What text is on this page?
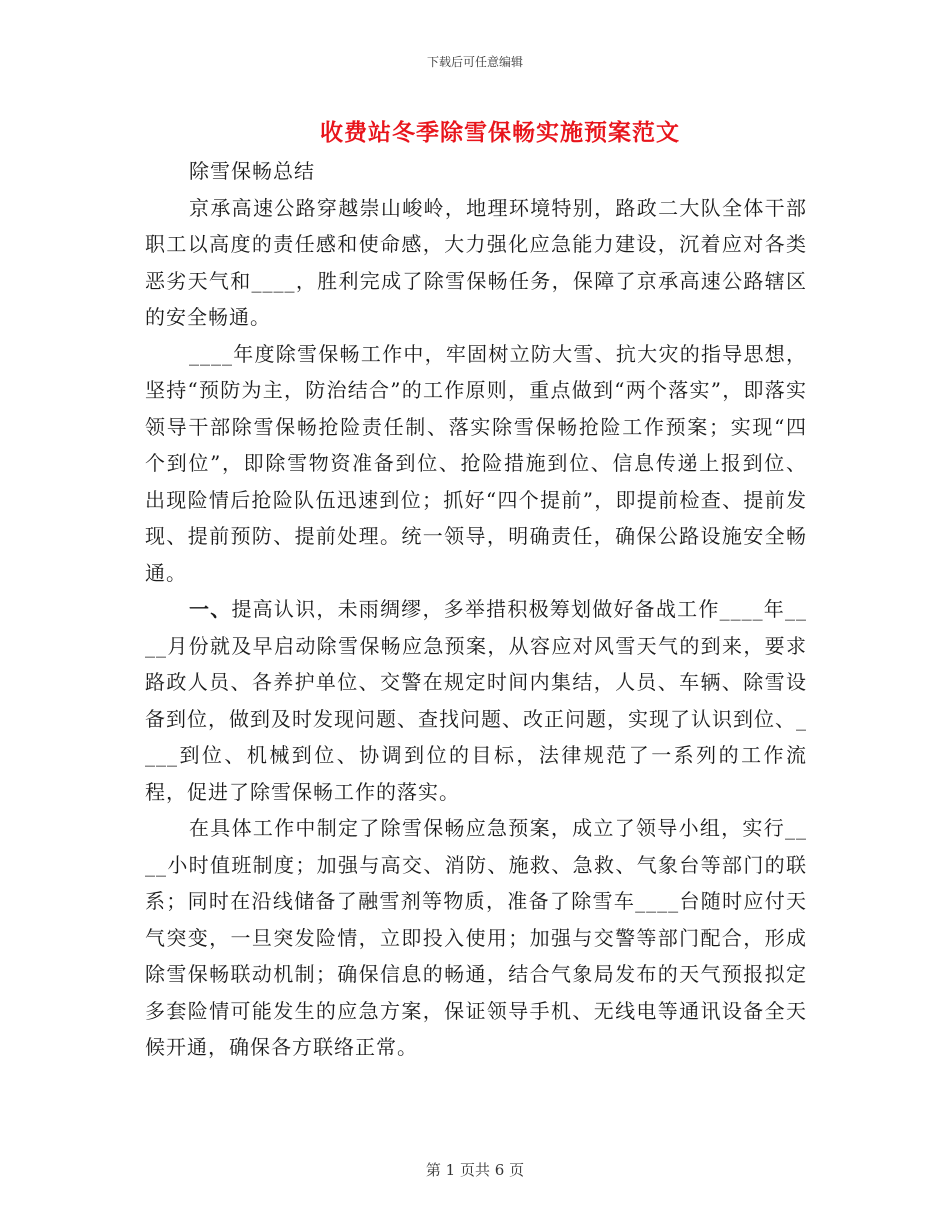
下载后可任意编辑
收费站冬季除雪保畅实施预案范文

除雪保畅总结

京承高速公路穿越崇山峻岭，地理环境特别，路政二大队全体干部职工以高度的责任感和使命感，大力强化应急能力建设，沉着应对各类恶劣天气和____，胜利完成了除雪保畅任务，保障了京承高速公路辖区的安全畅通。

____年度除雪保畅工作中，牢固树立防大雪、抗大灾的指导思想，坚持“预防为主，防治结合”的工作原则，重点做到“两个落实”，即落实领导干部除雪保畅抢险责任制、落实除雪保畅抢险工作预案；实现“四个到位”，即除雪物资准备到位、抢险措施到位、信息传递上报到位、出现险情后抢险队伍迅速到位；抓好“四个提前”，即提前检查、提前发现、提前预防、提前处理。统一领导，明确责任，确保公路设施安全畅通。

一、提高认识，未雨绸缪，多举措积极筹划做好备战工作____年____月份就及早启动除雪保畅应急预案，从容应对风雪天气的到来，要求路政人员、各养护单位、交警在规定时间内集结，人员、车辆、除雪设备到位，做到及时发现问题、查找问题、改正问题，实现了认识到位、____到位、机械到位、协调到位的目标，法律规范了一系列的工作流程，促进了除雪保畅工作的落实。

在具体工作中制定了除雪保畅应急预案，成立了领导小组，实行____小时值班制度；加强与高交、消防、施救、急救、气象台等部门的联系；同时在沿线储备了融雪剂等物质，准备了除雪车____台随时应付天气突变，一旦突发险情，立即投入使用；加强与交警等部门配合，形成除雪保畅联动机制；确保信息的畅通，结合气象局发布的天气预报拟定多套险情可能发生的应急方案，保证领导手机、无线电等通讯设备全天候开通，确保各方联络正常。

第 1 页共 6 页
